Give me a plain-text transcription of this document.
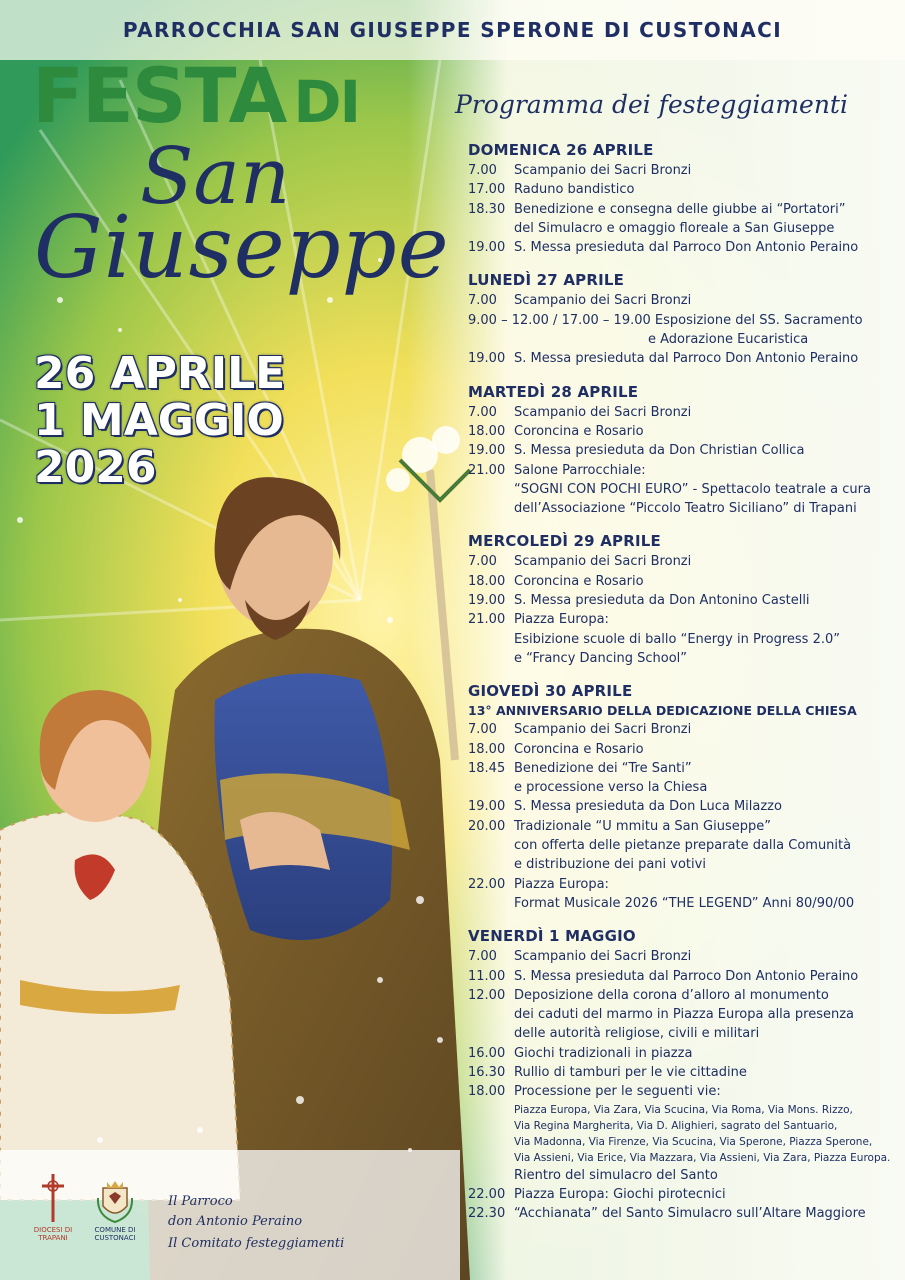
PARROCCHIA SAN GIUSEPPE SPERONE DI CUSTONACI
FESTA DI
San
Giuseppe
26 APRILE
1 MAGGIO
2026
Programma dei festeggiamenti
DOMENICA 26 APRILE
7.00 Scampanio dei Sacri Bronzi
17.00 Raduno bandistico
18.30 Benedizione e consegna delle giubbe ai “Portatori”
del Simulacro e omaggio floreale a San Giuseppe
19.00 S. Messa presieduta dal Parroco Don Antonio Peraino
LUNEDÌ 27 APRILE
7.00 Scampanio dei Sacri Bronzi
9.00 – 12.00 / 17.00 – 19.00 Esposizione del SS. Sacramento
e Adorazione Eucaristica
19.00 S. Messa presieduta dal Parroco Don Antonio Peraino
MARTEDÌ 28 APRILE
7.00 Scampanio dei Sacri Bronzi
18.00 Coroncina e Rosario
19.00 S. Messa presieduta da Don Christian Collica
21.00 Salone Parrocchiale:
“SOGNI CON POCHI EURO” - Spettacolo teatrale a cura
dell’Associazione “Piccolo Teatro Siciliano” di Trapani
MERCOLEDÌ 29 APRILE
7.00 Scampanio dei Sacri Bronzi
18.00 Coroncina e Rosario
19.00 S. Messa presieduta da Don Antonino Castelli
21.00 Piazza Europa:
Esibizione scuole di ballo “Energy in Progress 2.0”
e “Francy Dancing School”
GIOVEDÌ 30 APRILE
13° ANNIVERSARIO DELLA DEDICAZIONE DELLA CHIESA
7.00 Scampanio dei Sacri Bronzi
18.00 Coroncina e Rosario
18.45 Benedizione dei “Tre Santi”
e processione verso la Chiesa
19.00 S. Messa presieduta da Don Luca Milazzo
20.00 Tradizionale “U mmitu a San Giuseppe”
con offerta delle pietanze preparate dalla Comunità
e distribuzione dei pani votivi
22.00 Piazza Europa:
Format Musicale 2026 “THE LEGEND” Anni 80/90/00
VENERDÌ 1 MAGGIO
7.00 Scampanio dei Sacri Bronzi
11.00 S. Messa presieduta dal Parroco Don Antonio Peraino
12.00 Deposizione della corona d’alloro al monumento
dei caduti del marmo in Piazza Europa alla presenza
delle autorità religiose, civili e militari
16.00 Giochi tradizionali in piazza
16.30 Rullio di tamburi per le vie cittadine
18.00 Processione per le seguenti vie:
Piazza Europa, Via Zara, Via Scucina, Via Roma, Via Mons. Rizzo,
Via Regina Margherita, Via D. Alighieri, sagrato del Santuario,
Via Madonna, Via Firenze, Via Scucina, Via Sperone, Piazza Sperone,
Via Assieni, Via Erice, Via Mazzara, Via Assieni, Via Zara, Piazza Europa.
Rientro del simulacro del Santo
22.00 Piazza Europa: Giochi pirotecnici
22.30 “Acchianata” del Santo Simulacro sull’Altare Maggiore
DIOCESI DI
TRAPANI
COMUNE DI
CUSTONACI
Il Parroco
don Antonio Peraino
Il Comitato festeggiamenti
